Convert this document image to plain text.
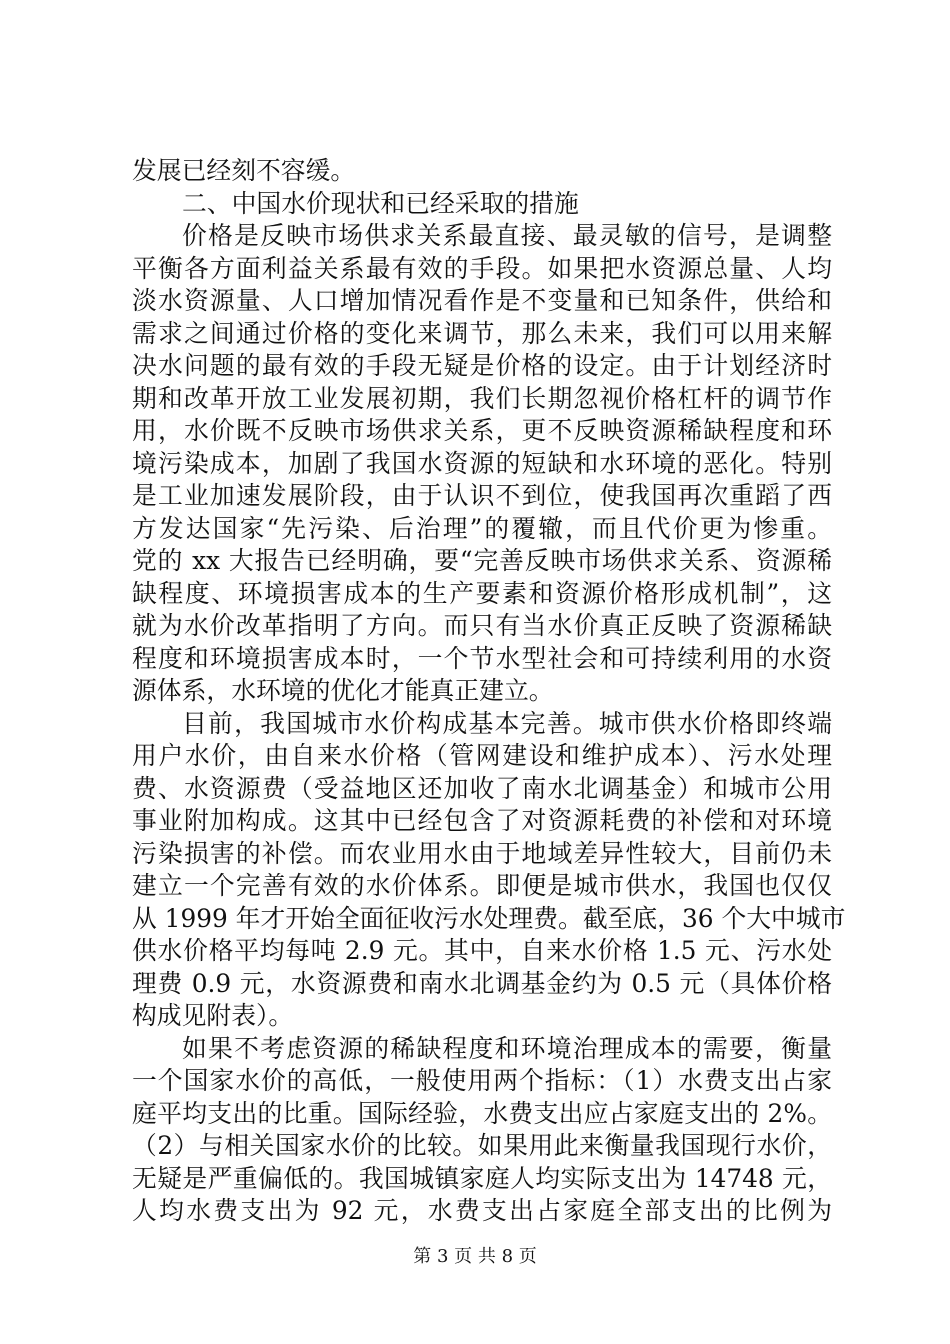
发展已经刻不容缓。
二、中国水价现状和已经采取的措施
价格是反映市场供求关系最直接、最灵敏的信号，是调整
平衡各方面利益关系最有效的手段。如果把水资源总量、人均
淡水资源量、人口增加情况看作是不变量和已知条件，供给和
需求之间通过价格的变化来调节，那么未来，我们可以用来解
决水问题的最有效的手段无疑是价格的设定。由于计划经济时
期和改革开放工业发展初期，我们长期忽视价格杠杆的调节作
用，水价既不反映市场供求关系，更不反映资源稀缺程度和环
境污染成本，加剧了我国水资源的短缺和水环境的恶化。特别
是工业加速发展阶段，由于认识不到位，使我国再次重蹈了西
方发达国家“先污染、后治理”的覆辙，而且代价更为惨重。
党的 xx 大报告已经明确，要“完善反映市场供求关系、资源稀
缺程度、环境损害成本的生产要素和资源价格形成机制”，这
就为水价改革指明了方向。而只有当水价真正反映了资源稀缺
程度和环境损害成本时，一个节水型社会和可持续利用的水资
源体系，水环境的优化才能真正建立。
目前，我国城市水价构成基本完善。城市供水价格即终端
用户水价，由自来水价格（管网建设和维护成本）、污水处理
费、水资源费（受益地区还加收了南水北调基金）和城市公用
事业附加构成。这其中已经包含了对资源耗费的补偿和对环境
污染损害的补偿。而农业用水由于地域差异性较大，目前仍未
建立一个完善有效的水价体系。即便是城市供水，我国也仅仅
从 1999 年才开始全面征收污水处理费。截至底，36 个大中城市
供水价格平均每吨 2.9 元。其中，自来水价格 1.5 元、污水处
理费 0.9 元，水资源费和南水北调基金约为 0.5 元（具体价格
构成见附表）。
如果不考虑资源的稀缺程度和环境治理成本的需要，衡量
一个国家水价的高低，一般使用两个指标：（1）水费支出占家
庭平均支出的比重。国际经验，水费支出应占家庭支出的 2%。
（2）与相关国家水价的比较。如果用此来衡量我国现行水价，
无疑是严重偏低的。我国城镇家庭人均实际支出为 14748 元，
人均水费支出为 92 元，水费支出占家庭全部支出的比例为
第 3 页 共 8 页
